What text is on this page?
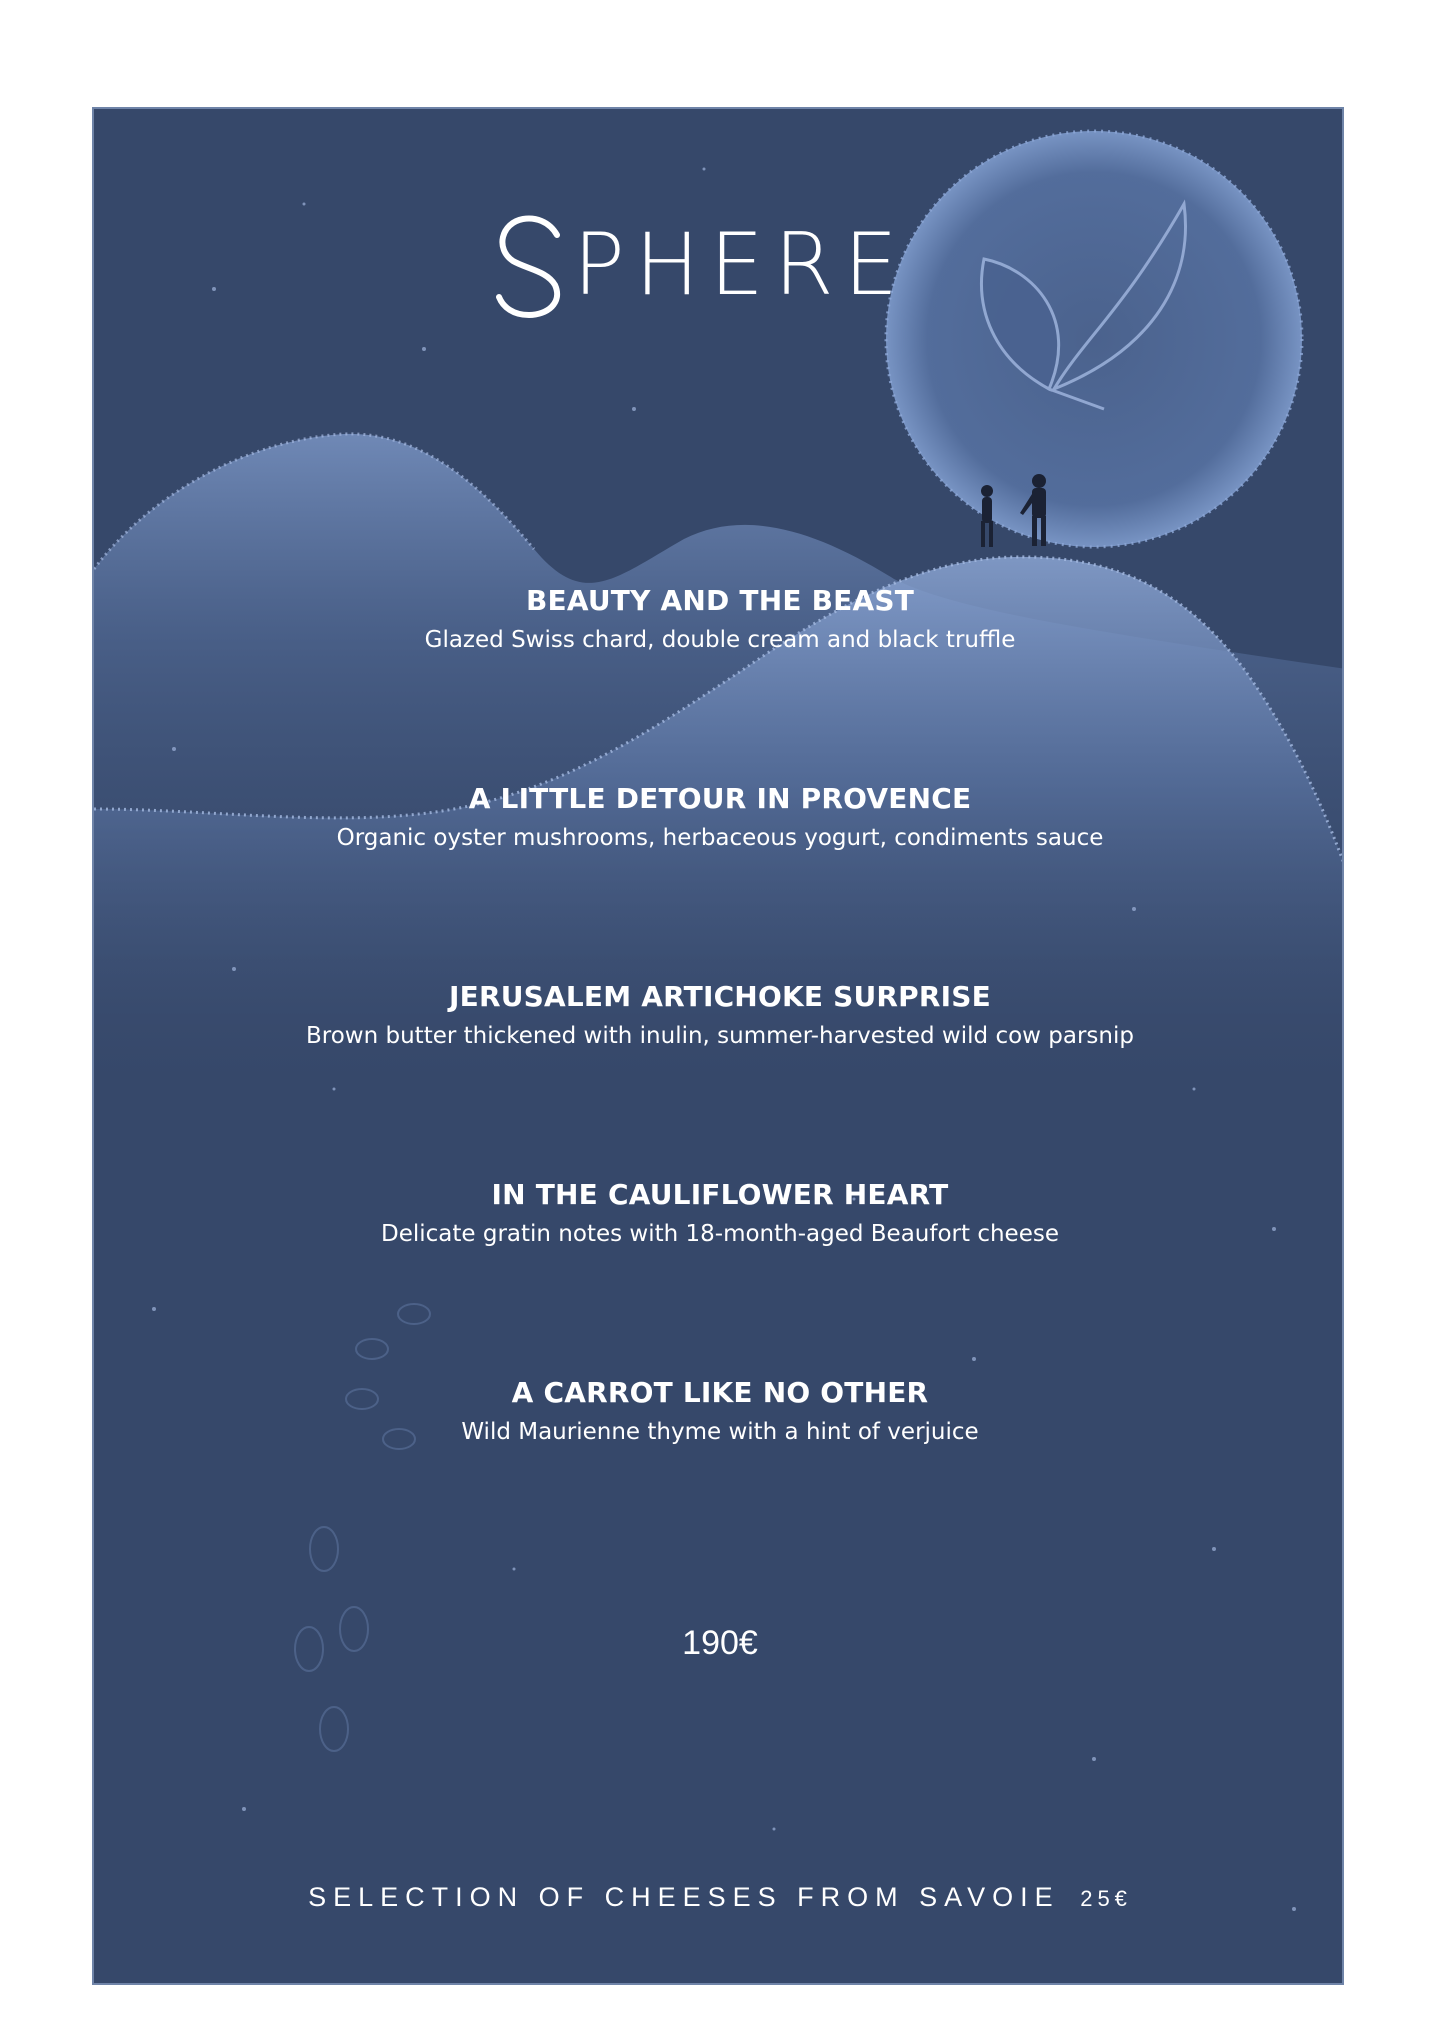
PHERE
BEAUTY AND THE BEAST
Glazed Swiss chard, double cream and black truffle
A LITTLE DETOUR IN PROVENCE
Organic oyster mushrooms, herbaceous yogurt, condiments sauce
JERUSALEM ARTICHOKE SURPRISE
Brown butter thickened with inulin, summer-harvested wild cow parsnip
IN THE CAULIFLOWER HEART
Delicate gratin notes with 18-month-aged Beaufort cheese
A CARROT LIKE NO OTHER
Wild Maurienne thyme with a hint of verjuice
190€
SELECTION OF CHEESES FROM SAVOIE 25€
